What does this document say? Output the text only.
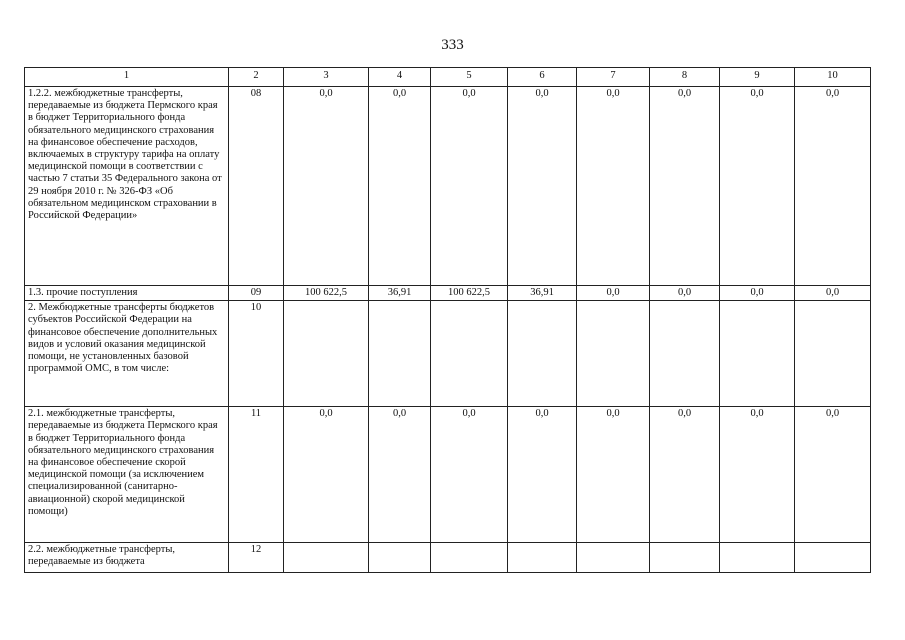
333
1	2	3	4	5	6	7	8	9	10
1.2.2. межбюджетные трансферты, передаваемые из бюджета Пермского края в бюджет Территориального фонда обязательного медицинского страхования на финансовое обеспечение расходов, включаемых в структуру тарифа на оплату медицинской помощи в соответствии с частью 7 статьи 35 Федерального закона от 29 ноября 2010 г. № 326-ФЗ «Об обязательном медицинском страховании в Российской Федерации»	08	0,0	0,0	0,0	0,0	0,0	0,0	0,0	0,0
1.3. прочие поступления	09	100 622,5	36,91	100 622,5	36,91	0,0	0,0	0,0	0,0
2. Межбюджетные трансферты бюджетов субъектов Российской Федерации на финансовое обеспечение дополнительных видов и условий оказания медицинской помощи, не установленных базовой программой ОМС, в том числе:	10								
2.1. межбюджетные трансферты, передаваемые из бюджета Пермского края в бюджет Территориального фонда обязательного медицинского страхования на финансовое обеспечение скорой медицинской помощи (за исключением специализированной (санитарно-авиационной) скорой медицинской помощи)	11	0,0	0,0	0,0	0,0	0,0	0,0	0,0	0,0
2.2. межбюджетные трансферты, передаваемые из бюджета	12								
